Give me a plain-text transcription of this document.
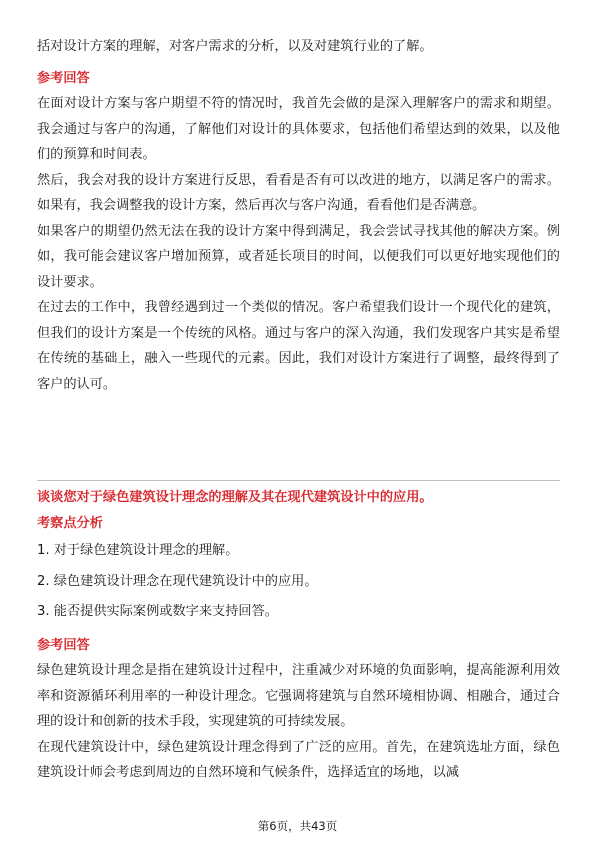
括对设计方案的理解，对客户需求的分析，以及对建筑行业的了解。

参考回答

在面对设计方案与客户期望不符的情况时，我首先会做的是深入理解客户的需求和期望。我会通过与客户的沟通，了解他们对设计的具体要求，包括他们希望达到的效果，以及他们的预算和时间表。

然后，我会对我的设计方案进行反思，看看是否有可以改进的地方，以满足客户的需求。如果有，我会调整我的设计方案，然后再次与客户沟通，看看他们是否满意。

如果客户的期望仍然无法在我的设计方案中得到满足，我会尝试寻找其他的解决方案。例如，我可能会建议客户增加预算，或者延长项目的时间，以便我们可以更好地实现他们的设计要求。

在过去的工作中，我曾经遇到过一个类似的情况。客户希望我们设计一个现代化的建筑，但我们的设计方案是一个传统的风格。通过与客户的深入沟通，我们发现客户其实是希望在传统的基础上，融入一些现代的元素。因此，我们对设计方案进行了调整，最终得到了客户的认可。

谈谈您对于绿色建筑设计理念的理解及其在现代建筑设计中的应用。

考察点分析

1. 对于绿色建筑设计理念的理解。

2. 绿色建筑设计理念在现代建筑设计中的应用。

3. 能否提供实际案例或数字来支持回答。

参考回答

绿色建筑设计理念是指在建筑设计过程中，注重减少对环境的负面影响，提高能源利用效率和资源循环利用率的一种设计理念。它强调将建筑与自然环境相协调、相融合，通过合理的设计和创新的技术手段，实现建筑的可持续发展。

在现代建筑设计中，绿色建筑设计理念得到了广泛的应用。首先，在建筑选址方面，绿色建筑设计师会考虑到周边的自然环境和气候条件，选择适宜的场地，以减

第6页，共43页
